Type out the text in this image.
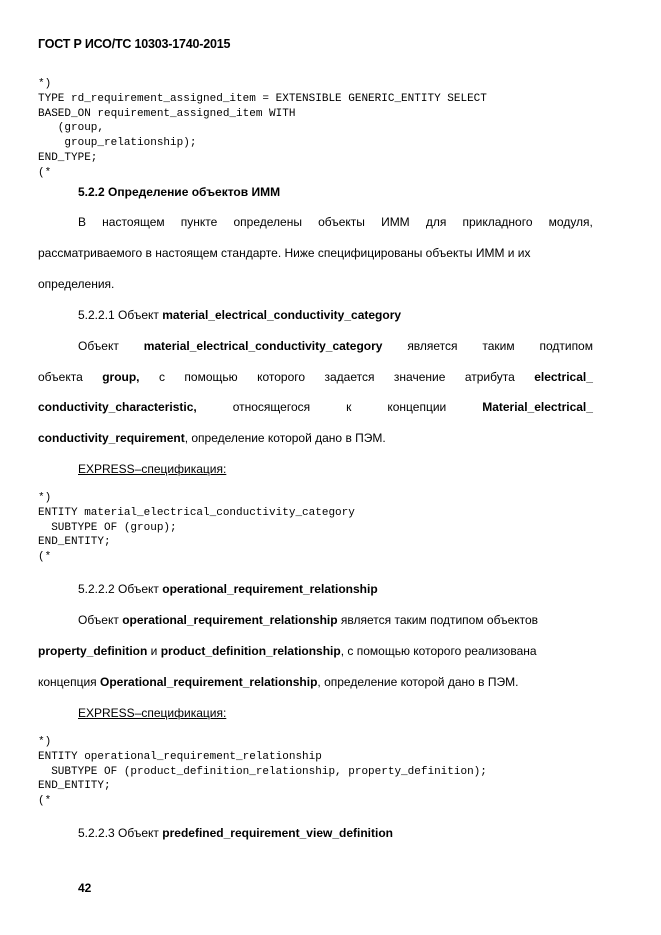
ГОСТ Р ИСО/ТС 10303-1740-2015
*)
TYPE rd_requirement_assigned_item = EXTENSIBLE GENERIC_ENTITY SELECT
BASED_ON requirement_assigned_item WITH
(group,
group_relationship);
END_TYPE;
(*
5.2.2 Определение объектов ИММ
В настоящем пункте определены объекты ИММ для прикладного модуля,
рассматриваемого в настоящем стандарте. Ниже специфицированы объекты ИММ и их
определения.
5.2.2.1 Объект material_electrical_conductivity_category
Объект material_electrical_conductivity_category является таким подтипом
объекта group, с помощью которого задается значение атрибута electrical_
conductivity_characteristic,	относящегося	к	концепции	Material_electrical_
conductivity_requirement, определение которой дано в ПЭМ.
EXPRESS–спецификация:
*)
ENTITY material_electrical_conductivity_category
SUBTYPE OF (group);
END_ENTITY;
(*
5.2.2.2 Объект operational_requirement_relationship
Объект operational_requirement_relationship является таким подтипом объектов
property_definition и product_definition_relationship, с помощью которого реализована
концепция Operational_requirement_relationship, определение которой дано в ПЭМ.
EXPRESS–спецификация:
*)
ENTITY operational_requirement_relationship
SUBTYPE OF (product_definition_relationship, property_definition);
END_ENTITY;
(*
5.2.2.3 Объект predefined_requirement_view_definition
42
